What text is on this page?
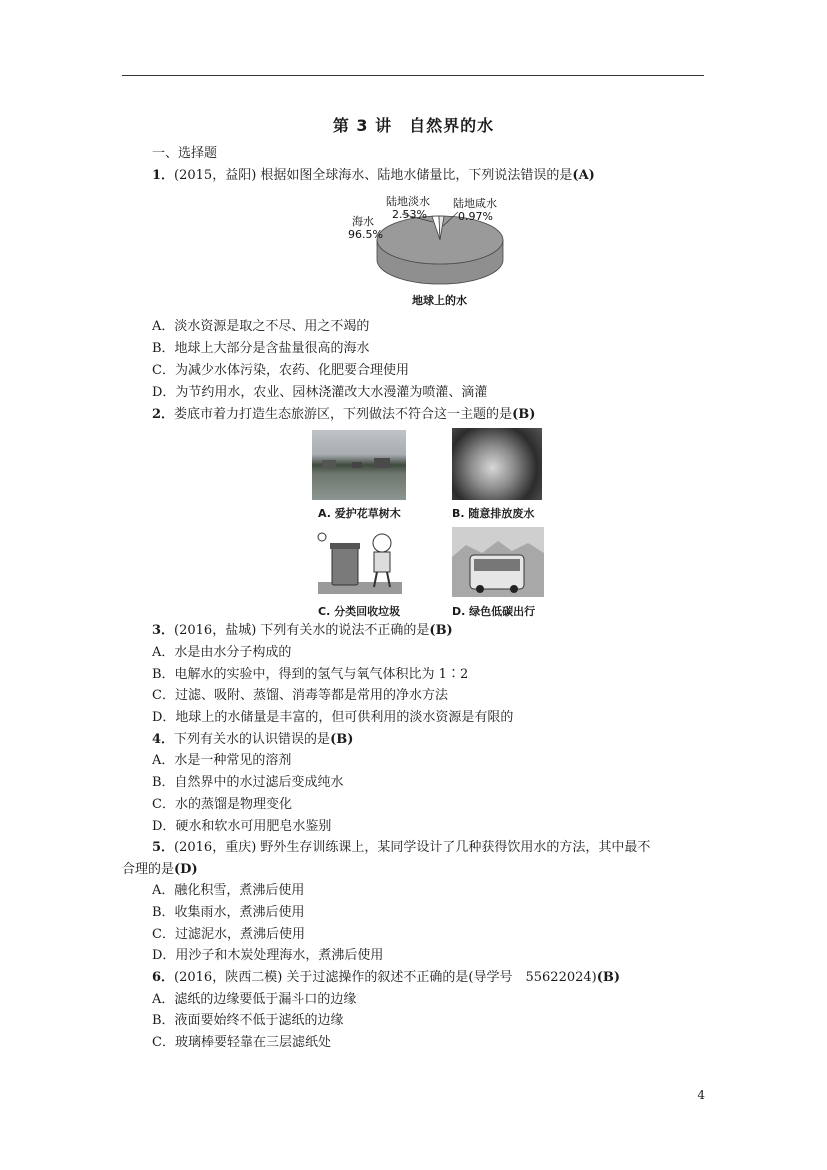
第 3 讲　自然界的水
一、选择题
1．(2015，益阳) 根据如图全球海水、陆地水储量比，下列说法错误的是(A)
海水
96.5%
陆地淡水
2.53%
陆地咸水
0.97%
地球上的水
A．淡水资源是取之不尽、用之不竭的
B．地球上大部分是含盐量很高的海水
C．为减少水体污染，农药、化肥要合理使用
D．为节约用水，农业、园林浇灌改大水漫灌为喷灌、滴灌
2．娄底市着力打造生态旅游区，下列做法不符合这一主题的是(B)
A. 爱护花草树木	B. 随意排放废水
C. 分类回收垃圾	D. 绿色低碳出行
3．(2016，盐城) 下列有关水的说法不正确的是(B)
A．水是由水分子构成的
B．电解水的实验中，得到的氢气与氧气体积比为 1∶2
C．过滤、吸附、蒸馏、消毒等都是常用的净水方法
D．地球上的水储量是丰富的，但可供利用的淡水资源是有限的
4．下列有关水的认识错误的是(B)
A．水是一种常见的溶剂
B．自然界中的水过滤后变成纯水
C．水的蒸馏是物理变化
D．硬水和软水可用肥皂水鉴别
5．(2016，重庆) 野外生存训练课上，某同学设计了几种获得饮用水的方法，其中最不
合理的是(D)
A．融化积雪，煮沸后使用
B．收集雨水，煮沸后使用
C．过滤泥水，煮沸后使用
D．用沙子和木炭处理海水，煮沸后使用
6．(2016，陕西二模) 关于过滤操作的叙述不正确的是(导学号　55622024)(B)
A．滤纸的边缘要低于漏斗口的边缘
B．液面要始终不低于滤纸的边缘
C．玻璃棒要轻靠在三层滤纸处
4
